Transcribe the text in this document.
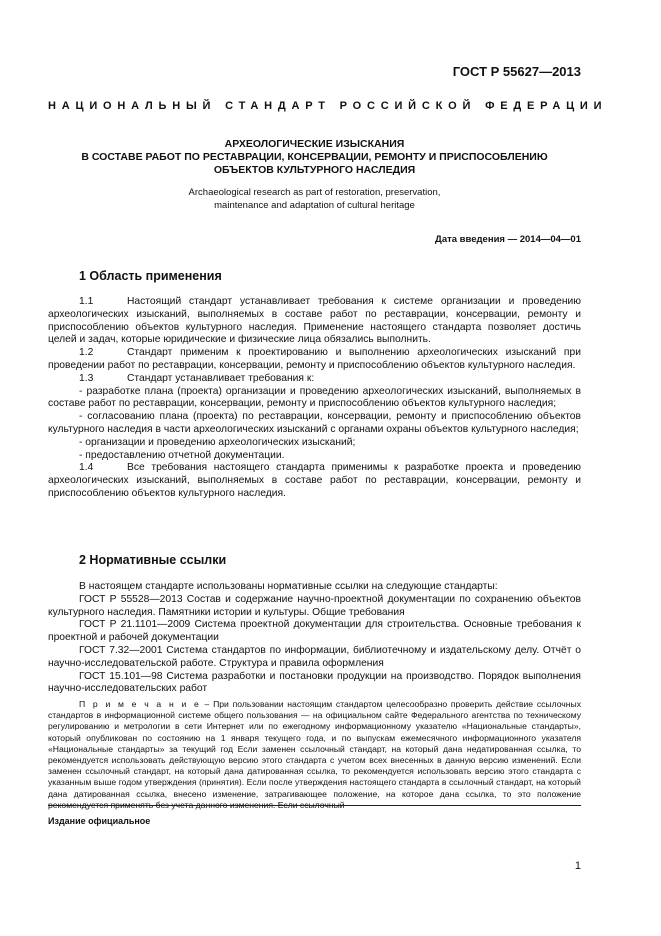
ГОСТ Р 55627—2013
НАЦИОНАЛЬНЫЙ СТАНДАРТ РОССИЙСКОЙ ФЕДЕРАЦИИ
АРХЕОЛОГИЧЕСКИЕ ИЗЫСКАНИЯ
В СОСТАВЕ РАБОТ ПО РЕСТАВРАЦИИ, КОНСЕРВАЦИИ, РЕМОНТУ И ПРИСПОСОБЛЕНИЮ
ОБЪЕКТОВ КУЛЬТУРНОГО НАСЛЕДИЯ
Archaeological research as part of restoration, preservation,
maintenance and adaptation of cultural heritage
Дата введения — 2014—04—01
1 Область применения

1.1	Настоящий стандарт устанавливает требования к системе организации и проведению археологических изысканий, выполняемых в составе работ по реставрации, консервации, ремонту и приспособлению объектов культурного наследия. Применение настоящего стандарта позволяет достичь целей и задач, которые юридические и физические лица обязались выполнить.

1.2	Стандарт применим к проектированию и выполнению археологических изысканий при проведении работ по реставрации, консервации, ремонту и приспособлению объектов культурного наследия.

1.3	Стандарт устанавливает требования к:

- разработке плана (проекта) организации и проведению археологических изысканий, выполняемых в составе работ по реставрации, консервации, ремонту и приспособлению объектов культурного наследия;

- согласованию плана (проекта) по реставрации, консервации, ремонту и приспособлению объектов культурного наследия в части археологических изысканий с органами охраны объектов культурного наследия;

- организации и проведению археологических изысканий;

- предоставлению отчетной документации.

1.4	Все требования настоящего стандарта применимы к разработке проекта и проведению археологических изысканий, выполняемых в составе работ по реставрации, консервации, ремонту и приспособлению объектов культурного наследия.

2 Нормативные ссылки

В настоящем стандарте использованы нормативные ссылки на следующие стандарты:

ГОСТ Р 55528—2013 Состав и содержание научно-проектной документации по сохранению объектов культурного наследия. Памятники истории и культуры. Общие требования

ГОСТ Р 21.1101—2009 Система проектной документации для строительства. Основные требования к проектной и рабочей документации

ГОСТ 7.32—2001 Система стандартов по информации, библиотечному и издательскому делу. Отчёт о научно-исследовательской работе. Структура и правила оформления

ГОСТ 15.101—98 Система разработки и постановки продукции на производство. Порядок выполнения научно-исследовательских работ

П р и м е ч а н и е – При пользовании настоящим стандартом целесообразно проверить действие ссылочных стандартов в информационной системе общего пользования — на официальном сайте Федерального агентства по техническому регулированию и метрологии в сети Интернет или по ежегодному информационному указателю «Национальные стандарты», который опубликован по состоянию на 1 января текущего года, и по выпускам ежемесячного информационного указателя «Национальные стандарты» за текущий год Если заменен ссылочный стандарт, на который дана недатированная ссылка, то рекомендуется использовать действующую версию этого стандарта с учетом всех внесенных в данную версию изменений. Если заменен ссылочный стандарт, на который дана датированная ссылка, то рекомендуется использовать версию этого стандарта с указанным выше годом утверждения (принятия). Если после утверждения настоящего стандарта в ссылочный стандарт, на который дана датированная ссылка, внесено изменение, затрагивающее положение, на которое дана ссылка, то это положение рекомендуется применять без учета данного изменения. Если ссылочный
Издание официальное
1
